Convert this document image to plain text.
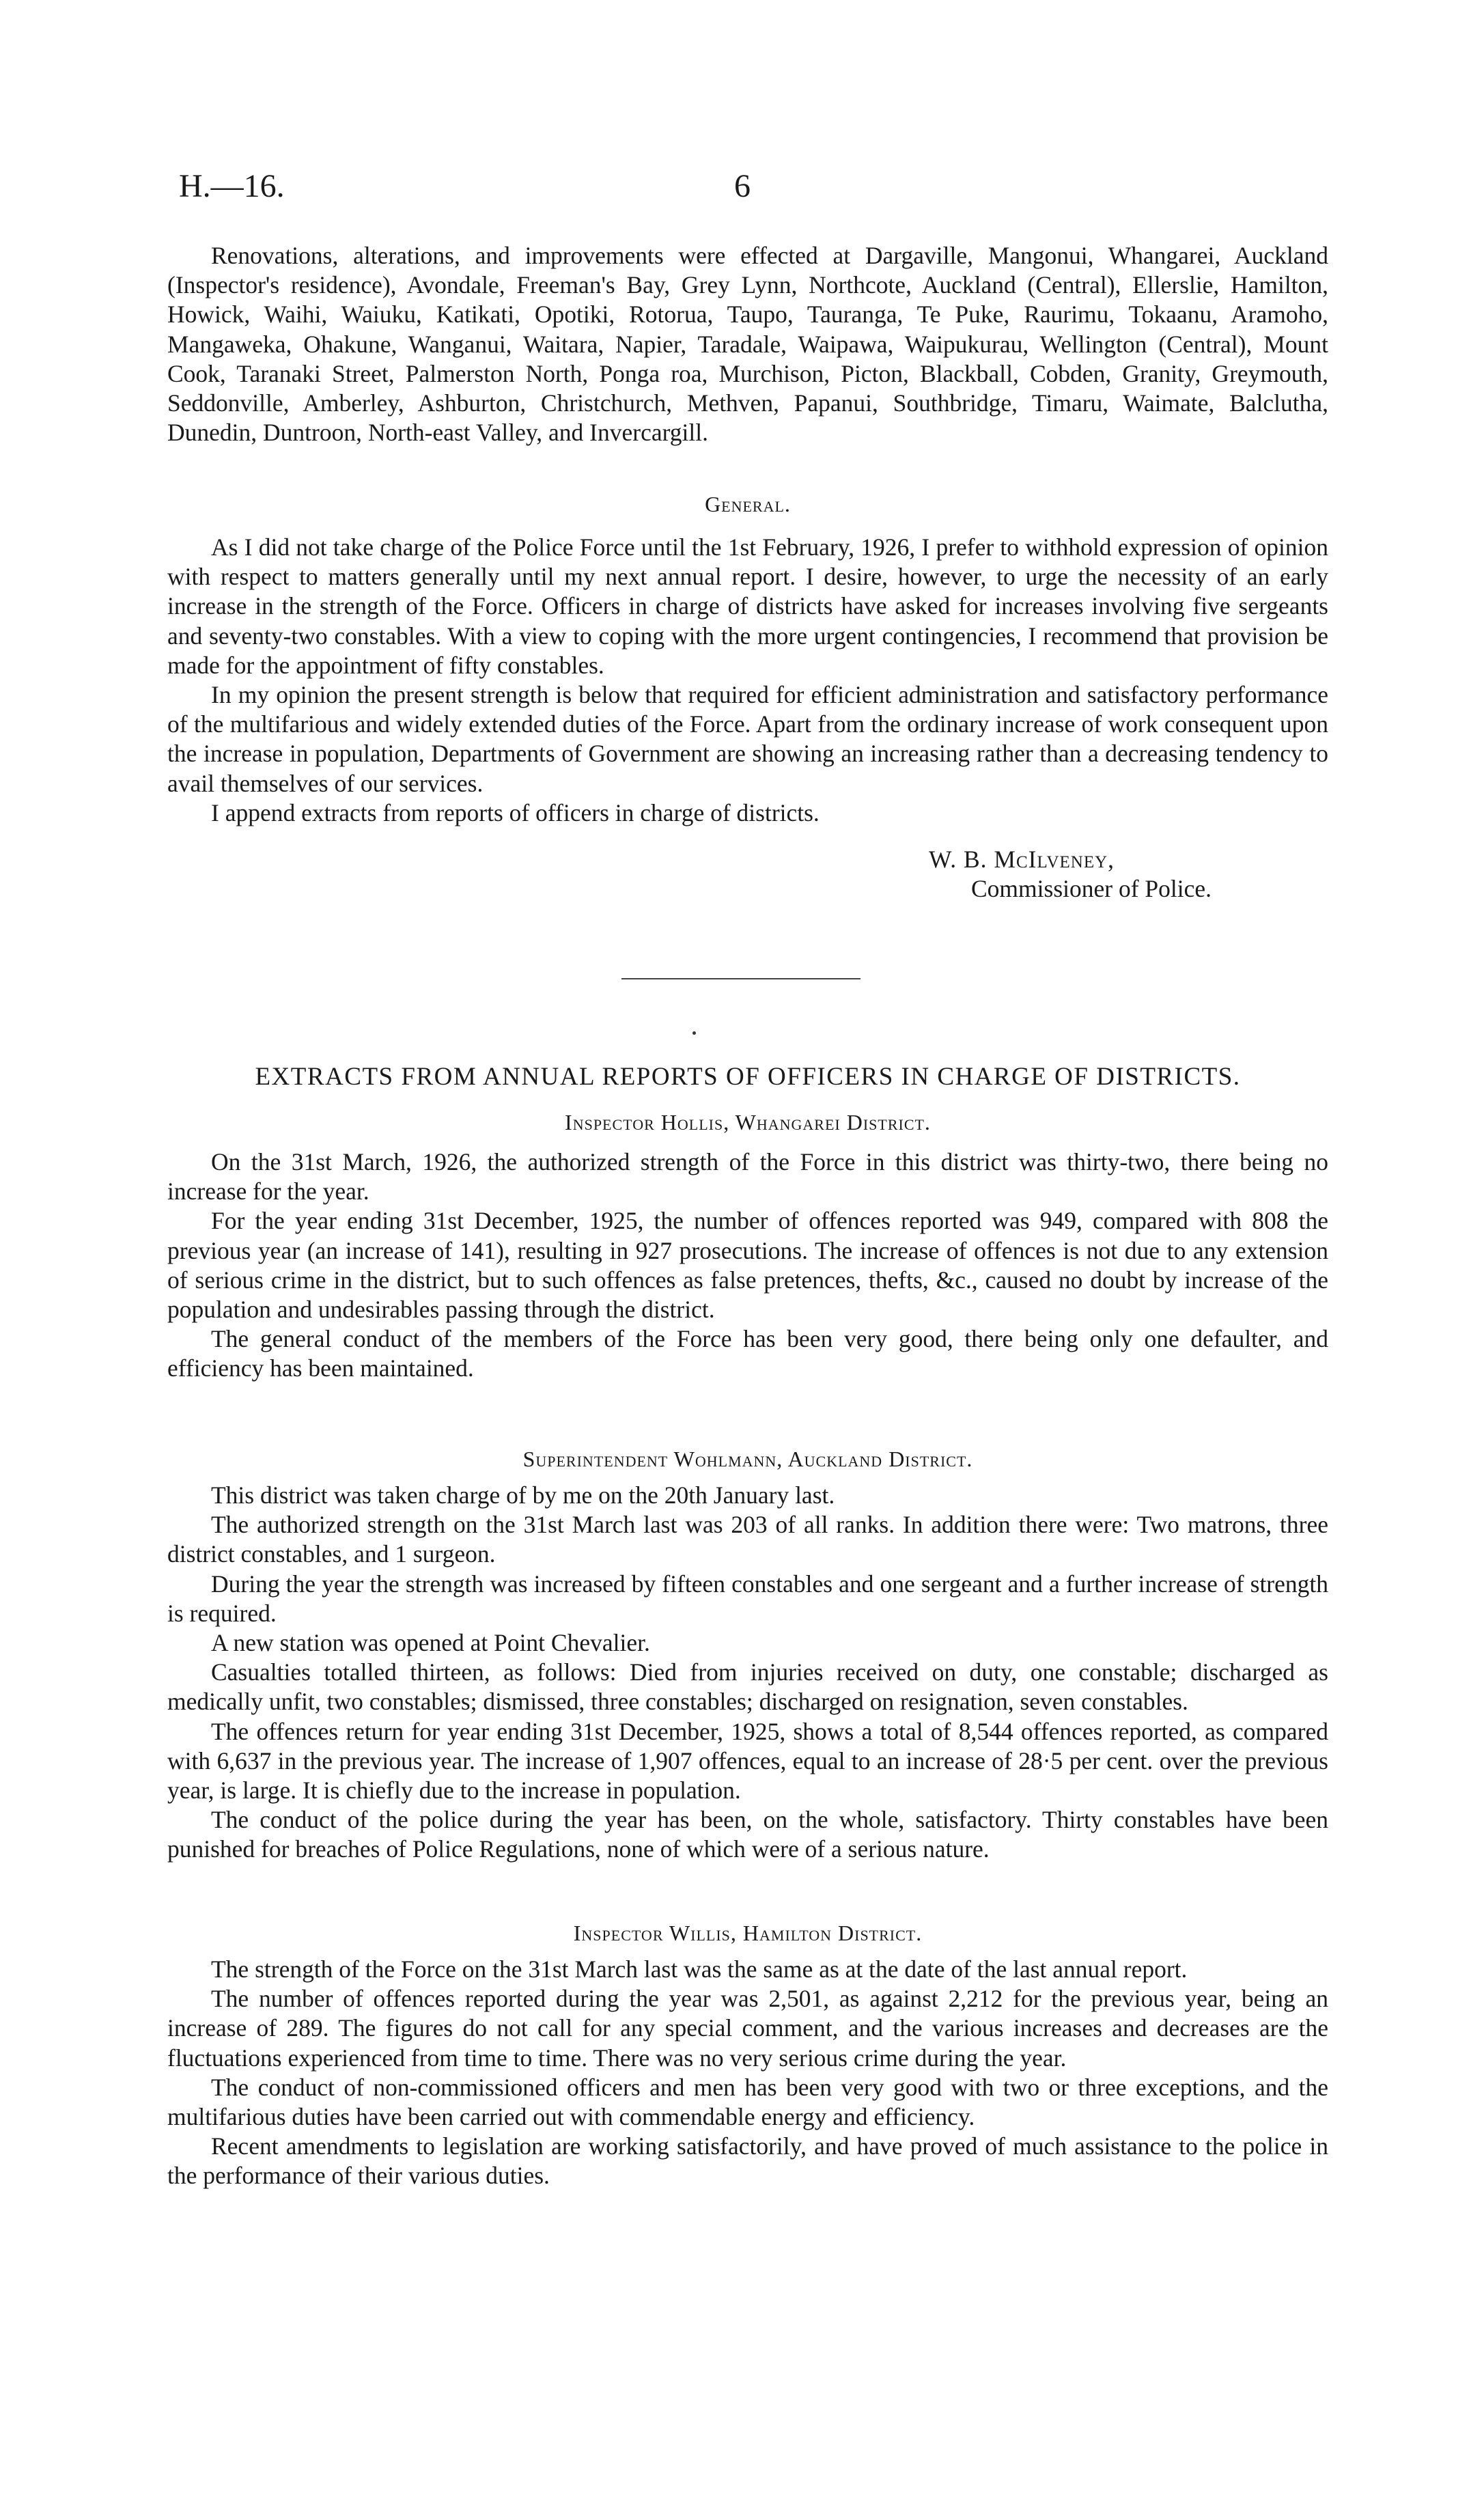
H.—16.	6

Renovations, alterations, and improvements were effected at Dargaville, Mangonui, Whangarei, Auckland (Inspector's residence), Avondale, Freeman's Bay, Grey Lynn, Northcote, Auckland (Central), Ellerslie, Hamilton, Howick, Waihi, Waiuku, Katikati, Opotiki, Rotorua, Taupo, Tauranga, Te Puke, Raurimu, Tokaanu, Aramoho, Mangaweka, Ohakune, Wanganui, Waitara, Napier, Taradale, Waipawa, Waipukurau, Wellington (Central), Mount Cook, Taranaki Street, Palmerston North, Ponga roa, Murchison, Picton, Blackball, Cobden, Granity, Greymouth, Seddonville, Amberley, Ashburton, Christchurch, Methven, Papanui, Southbridge, Timaru, Waimate, Balclutha, Dunedin, Duntroon, North-east Valley, and Invercargill.

General.

As I did not take charge of the Police Force until the 1st February, 1926, I prefer to withhold expression of opinion with respect to matters generally until my next annual report. I desire, however, to urge the necessity of an early increase in the strength of the Force. Officers in charge of districts have asked for increases involving five sergeants and seventy-two constables. With a view to coping with the more urgent contingencies, I recommend that provision be made for the appointment of fifty constables.

In my opinion the present strength is below that required for efficient administration and satisfactory performance of the multifarious and widely extended duties of the Force. Apart from the ordinary increase of work consequent upon the increase in population, Departments of Government are showing an increasing rather than a decreasing tendency to avail themselves of our services.

I append extracts from reports of officers in charge of districts.

W. B. McIlveney,
Commissioner of Police.
EXTRACTS FROM ANNUAL REPORTS OF OFFICERS IN CHARGE OF DISTRICTS.
Inspector Hollis, Whangarei District.

On the 31st March, 1926, the authorized strength of the Force in this district was thirty-two, there being no increase for the year.

For the year ending 31st December, 1925, the number of offences reported was 949, compared with 808 the previous year (an increase of 141), resulting in 927 prosecutions. The increase of offences is not due to any extension of serious crime in the district, but to such offences as false pretences, thefts, &c., caused no doubt by increase of the population and undesirables passing through the district.

The general conduct of the members of the Force has been very good, there being only one defaulter, and efficiency has been maintained.

Superintendent Wohlmann, Auckland District.

This district was taken charge of by me on the 20th January last.

The authorized strength on the 31st March last was 203 of all ranks. In addition there were: Two matrons, three district constables, and 1 surgeon.

During the year the strength was increased by fifteen constables and one sergeant and a further increase of strength is required.

A new station was opened at Point Chevalier.

Casualties totalled thirteen, as follows: Died from injuries received on duty, one constable; discharged as medically unfit, two constables; dismissed, three constables; discharged on resignation, seven constables.

The offences return for year ending 31st December, 1925, shows a total of 8,544 offences reported, as compared with 6,637 in the previous year. The increase of 1,907 offences, equal to an increase of 28·5 per cent. over the previous year, is large. It is chiefly due to the increase in population.

The conduct of the police during the year has been, on the whole, satisfactory. Thirty constables have been punished for breaches of Police Regulations, none of which were of a serious nature.

Inspector Willis, Hamilton District.

The strength of the Force on the 31st March last was the same as at the date of the last annual report.

The number of offences reported during the year was 2,501, as against 2,212 for the previous year, being an increase of 289. The figures do not call for any special comment, and the various increases and decreases are the fluctuations experienced from time to time. There was no very serious crime during the year.

The conduct of non-commissioned officers and men has been very good with two or three exceptions, and the multifarious duties have been carried out with commendable energy and efficiency.

Recent amendments to legislation are working satisfactorily, and have proved of much assistance to the police in the performance of their various duties.
